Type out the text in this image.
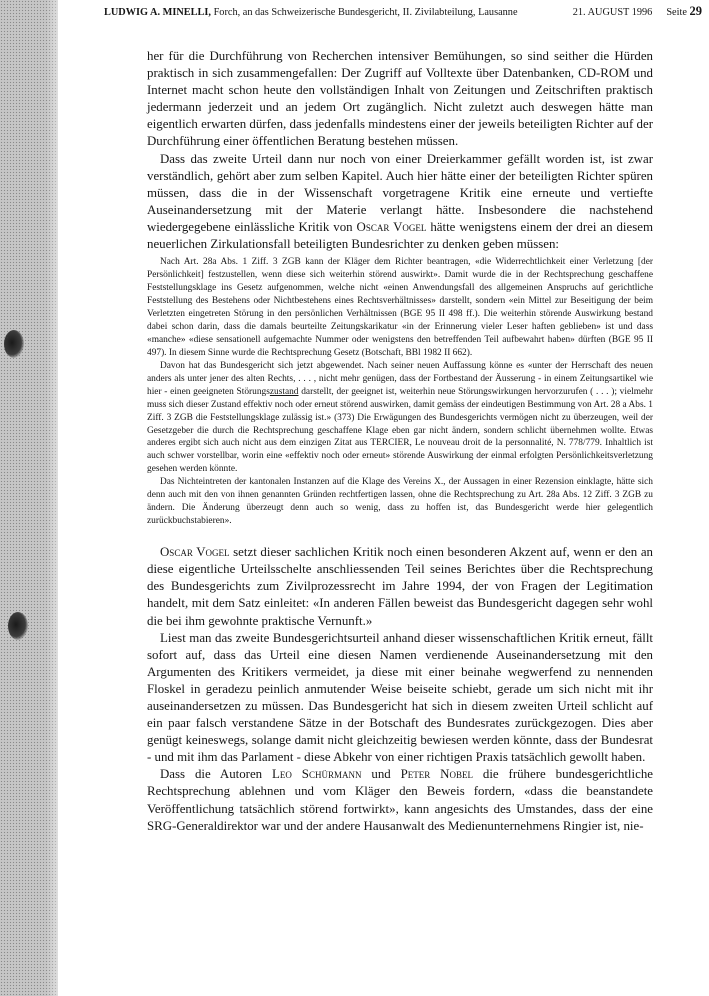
LUDWIG A. MINELLI,
Forch, an das Schweizerische Bundesgericht, II. Zivilabteilung, Lausanne	21. AUGUST 1996 Seite 29

her für die Durchführung von Recherchen intensiver Bemühungen, so sind seither die Hürden praktisch in sich zusammengefallen: Der Zugriff auf Volltexte über Datenbanken, CD-ROM und Internet macht schon heute den vollständigen Inhalt von Zeitungen und Zeitschriften praktisch jedermann jederzeit und an jedem Ort zugänglich. Nicht zuletzt auch deswegen hätte man eigentlich erwarten dürfen, dass jedenfalls mindestens einer der jeweils beteiligten Richter auf der Durchführung einer öffentlichen Beratung bestehen müssen.

Dass das zweite Urteil dann nur noch von einer Dreierkammer gefällt worden ist, ist zwar verständlich, gehört aber zum selben Kapitel. Auch hier hätte einer der beteiligten Richter spüren müssen, dass die in der Wissenschaft vorgetragene Kritik eine erneute und vertiefte Auseinandersetzung mit der Materie verlangt hätte. Insbesondere die nachstehend wiedergegebene einlässliche Kritik von Oscar Vogel hätte wenigstens einem der drei an diesem neuerlichen Zirkulationsfall beteiligten Bundesrichter zu denken geben müssen:

Nach Art. 28a Abs. 1 Ziff. 3 ZGB kann der Kläger dem Richter beantragen, «die Widerrechtlichkeit einer Verletzung [der Persönlichkeit] festzustellen, wenn diese sich weiterhin störend auswirkt». Damit wurde die in der Rechtsprechung geschaffene Feststellungsklage ins Gesetz aufgenommen, welche nicht «einen Anwendungsfall des allgemeinen Anspruchs auf gerichtliche Feststellung des Bestehens oder Nichtbestehens eines Rechtsverhältnisses» darstellt, sondern «ein Mittel zur Beseitigung der beim Verletzten eingetreten Störung in den persönlichen Verhältnissen (BGE 95 II 498 ff.). Die weiterhin störende Auswirkung bestand dabei schon darin, dass die damals beurteilte Zeitungskarikatur «in der Erinnerung vieler Leser haften geblieben» ist und dass «manche» «diese sensationell aufgemachte Nummer oder wenigstens den betreffenden Teil aufbewahrt haben» dürften (BGE 95 II 497). In diesem Sinne wurde die Rechtsprechung Gesetz (Botschaft, BBl 1982 II 662).

Davon hat das Bundesgericht sich jetzt abgewendet. Nach seiner neuen Auffassung könne es «unter der Herrschaft des neuen anders als unter jener des alten Rechts, . . . , nicht mehr genügen, dass der Fortbestand der Äusserung - in einem Zeitungsartikel wie hier - einen geeigneten Störungszustand darstellt, der geeignet ist, weiterhin neue Störungswirkungen hervorzurufen ( . . . ); vielmehr muss sich dieser Zustand effektiv noch oder erneut störend auswirken, damit gemäss der eindeutigen Bestimmung von Art. 28 a Abs. 1 Ziff. 3 ZGB die Feststellungsklage zulässig ist.» (373) Die Erwägungen des Bundesgerichts vermögen nicht zu überzeugen, weil der Gesetzgeber die durch die Rechtsprechung geschaffene Klage eben gar nicht ändern, sondern schlicht übernehmen wollte. Etwas anderes ergibt sich auch nicht aus dem einzigen Zitat aus TERCIER, Le nouveau droit de la personnalité, N. 778/779. Inhaltlich ist auch schwer vorstellbar, worin eine «effektiv noch oder erneut» störende Auswirkung der einmal erfolgten Persönlichkeitsverletzung gesehen werden könnte.

Das Nichteintreten der kantonalen Instanzen auf die Klage des Vereins X., der Aussagen in einer Rezension einklagte, hätte sich denn auch mit den von ihnen genannten Gründen rechtfertigen lassen, ohne die Rechtsprechung zu Art. 28a Abs. 12 Ziff. 3 ZGB zu ändern. Die Änderung überzeugt denn auch so wenig, dass zu hoffen ist, das Bundesgericht werde hier gelegentlich zurückbuchstabieren».

Oscar Vogel setzt dieser sachlichen Kritik noch einen besonderen Akzent auf, wenn er den an diese eigentliche Urteilsschelte anschliessenden Teil seines Berichtes über die Rechtsprechung des Bundesgerichts zum Zivilprozessrecht im Jahre 1994, der von Fragen der Legitimation handelt, mit dem Satz einleitet: «In anderen Fällen beweist das Bundesgericht dagegen sehr wohl die bei ihm gewohnte praktische Vernunft.»

Liest man das zweite Bundesgerichtsurteil anhand dieser wissenschaftlichen Kritik erneut, fällt sofort auf, dass das Urteil eine diesen Namen verdienende Auseinandersetzung mit den Argumenten des Kritikers vermeidet, ja diese mit einer beinahe wegwerfend zu nennenden Floskel in geradezu peinlich anmutender Weise beiseite schiebt, gerade um sich nicht mit ihr auseinandersetzen zu müssen. Das Bundesgericht hat sich in diesem zweiten Urteil schlicht auf ein paar falsch verstandene Sätze in der Botschaft des Bundesrates zurückgezogen. Dies aber genügt keineswegs, solange damit nicht gleichzeitig bewiesen werden könnte, dass der Bundesrat - und mit ihm das Parlament - diese Abkehr von einer richtigen Praxis tatsächlich gewollt haben.

Dass die Autoren Leo Schürmann und Peter Nobel die frühere bundesgerichtliche Rechtsprechung ablehnen und vom Kläger den Beweis fordern, «dass die beanstandete Veröffentlichung tatsächlich störend fortwirkt», kann angesichts des Umstandes, dass der eine SRG-Generaldirektor war und der andere Hausanwalt des Medienunternehmens Ringier ist, nie-
